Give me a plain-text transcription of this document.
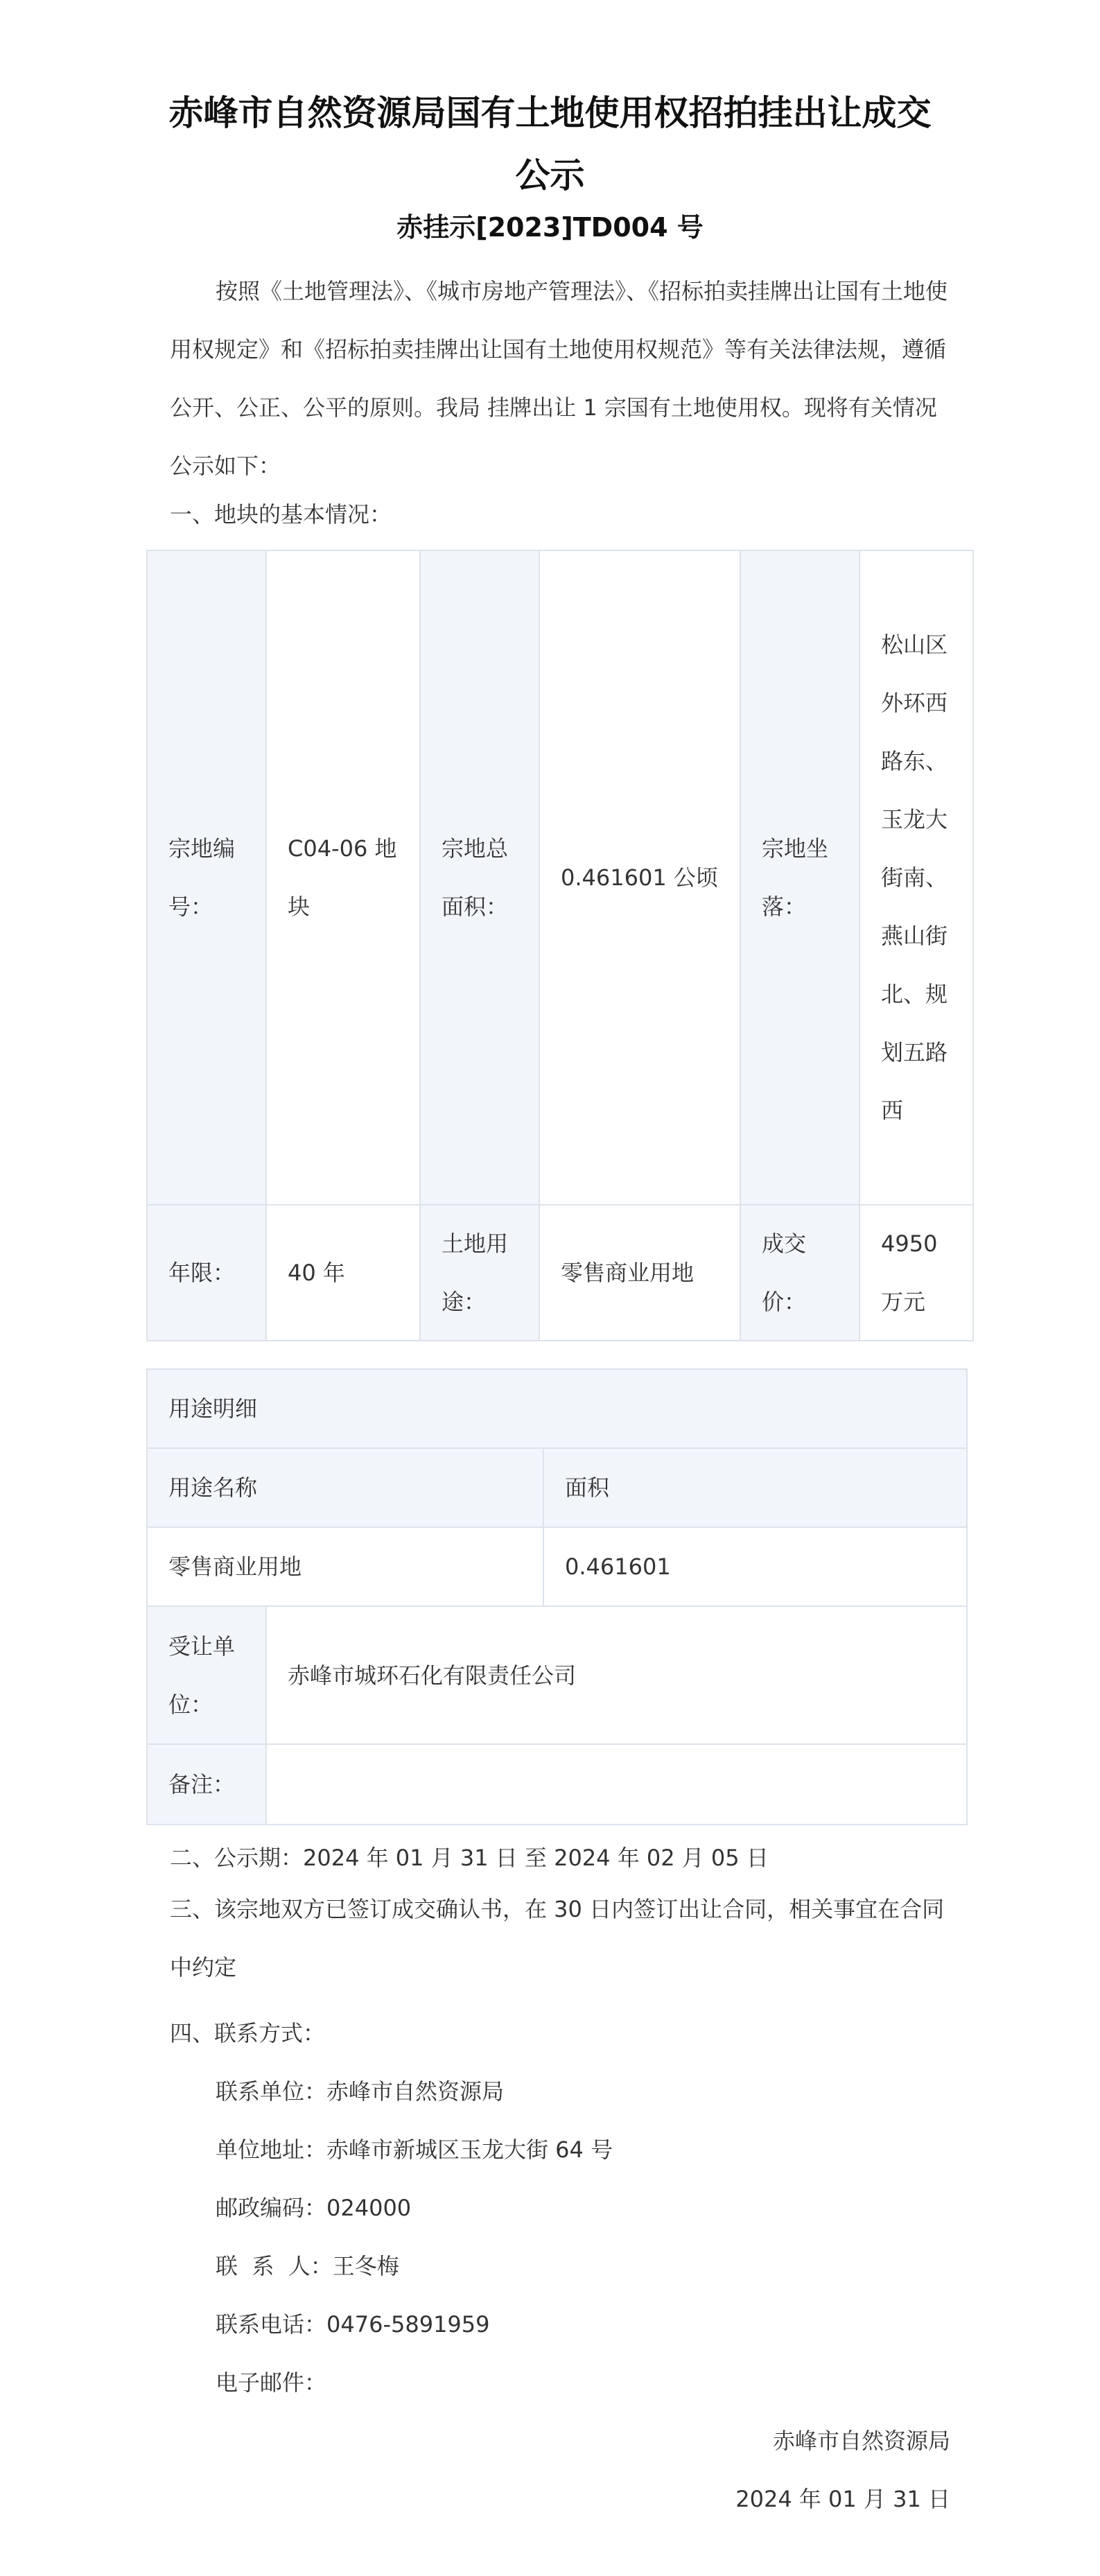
赤峰市自然资源局国有土地使用权招拍挂出让成交公示
赤挂示[2023]TD004 号

按照《土地管理法》、《城市房地产管理法》、《招标拍卖挂牌出让国有土地使用权规定》和《招标拍卖挂牌出让国有土地使用权规范》等有关法律法规，遵循公开、公正、公平的原则。我局 挂牌出让 1 宗国有土地使用权。现将有关情况公示如下：

一、地块的基本情况：
宗地编号：	C04-06 地块	宗地总面积：	0.461601 公顷	宗地坐落：	松山区外环西路东、玉龙大街南、燕山街北、规划五路西
年限：	40 年	土地用途：	零售商业用地	成交价：	4950 万元
用途明细		
用途名称		面积
零售商业用地		0.461601
受让单位：	赤峰市城环石化有限责任公司	
备注：		
二、公示期：2024 年 01 月 31 日 至 2024 年 02 月 05 日

三、该宗地双方已签订成交确认书，在 30 日内签订出让合同，相关事宜在合同中约定

四、联系方式：
联系单位：赤峰市自然资源局
单位地址：赤峰市新城区玉龙大街 64 号
邮政编码：024000
联  系  人：王冬梅
联系电话：0476-5891959
电子邮件：
赤峰市自然资源局
2024 年 01 月 31 日
